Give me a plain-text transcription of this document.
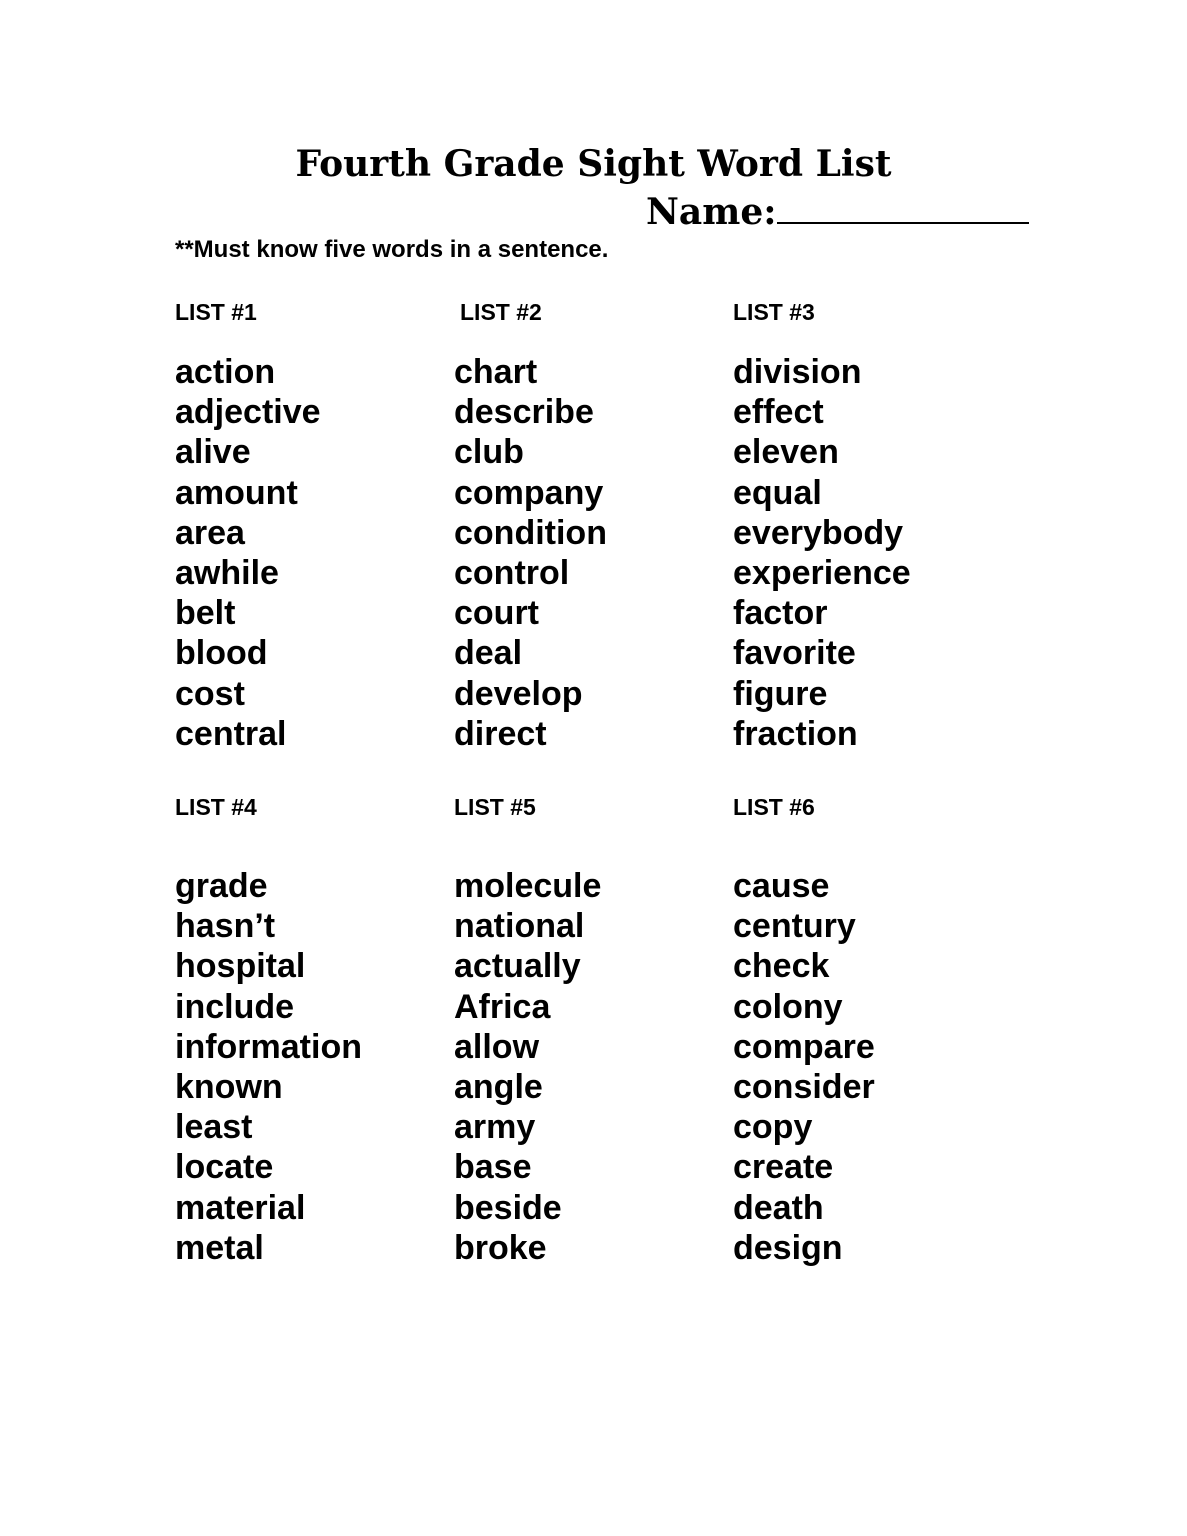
Fourth Grade Sight Word List
Name:
**Must know five words in a sentence.
LIST #1
action
adjective
alive
amount
area
awhile
belt
blood
cost
central
LIST #2
chart
describe
club
company
condition
control
court
deal
develop
direct
LIST #3
division
effect
eleven
equal
everybody
experience
factor
favorite
figure
fraction
LIST #4
grade
hasn’t
hospital
include
information
known
least
locate
material
metal
LIST #5
molecule
national
actually
Africa
allow
angle
army
base
beside
broke
LIST #6
cause
century
check
colony
compare
consider
copy
create
death
design
